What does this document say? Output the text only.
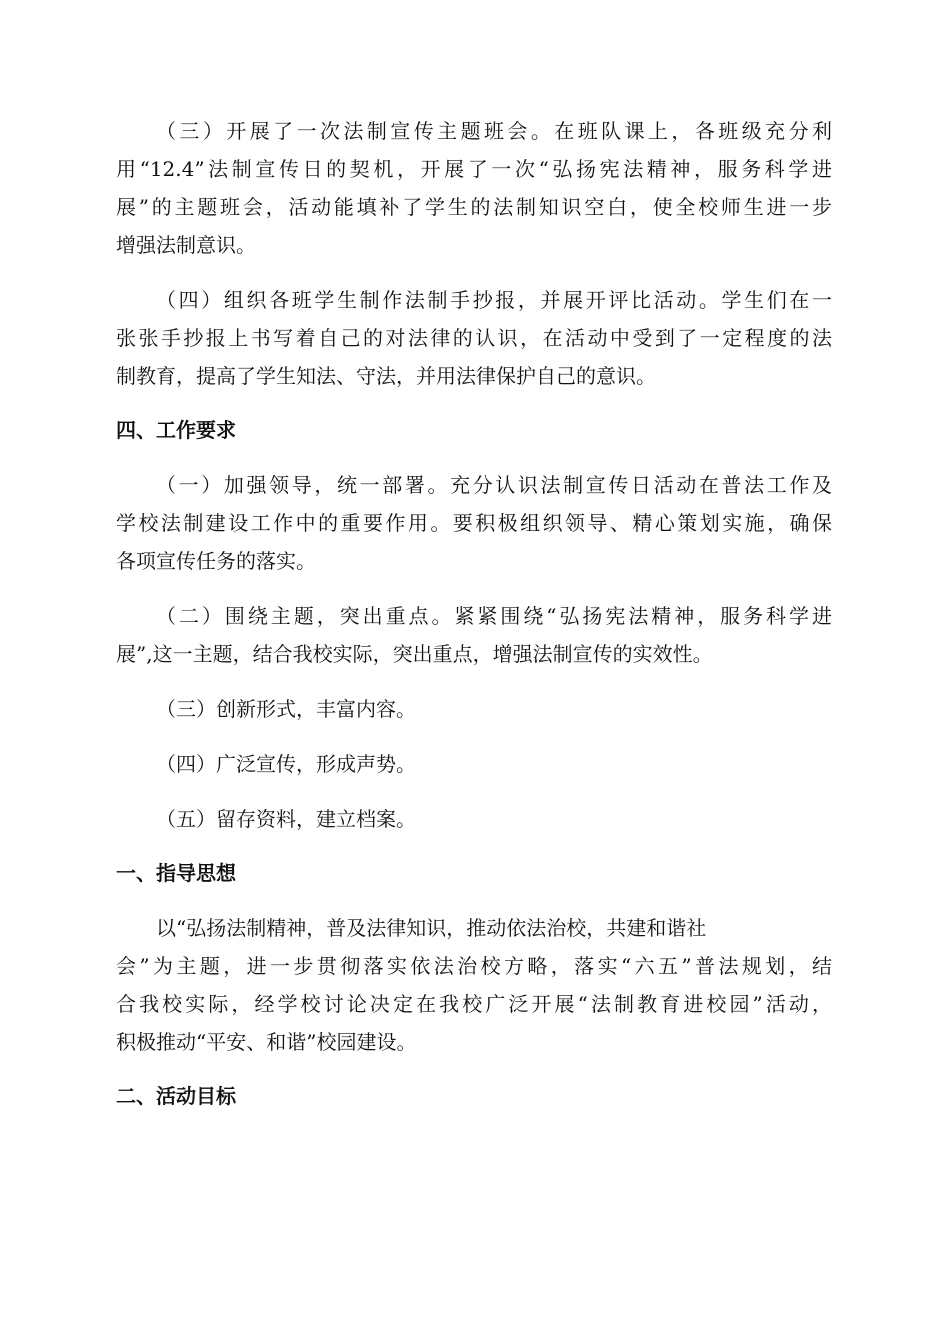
（三）开展了一次法制宣传主题班会。在班队课上，各班级充分利
用“12.4”法制宣传日的契机，开展了一次“弘扬宪法精神，服务科学进
展”的主题班会，活动能填补了学生的法制知识空白，使全校师生进一步
增强法制意识。

（四）组织各班学生制作法制手抄报，并展开评比活动。学生们在一
张张手抄报上书写着自己的对法律的认识，在活动中受到了一定程度的法
制教育，提高了学生知法、守法，并用法律保护自己的意识。

四、工作要求

（一）加强领导，统一部署。充分认识法制宣传日活动在普法工作及
学校法制建设工作中的重要作用。要积极组织领导、精心策划实施，确保
各项宣传任务的落实。

（二）围绕主题，突出重点。紧紧围绕“弘扬宪法精神，服务科学进
展”,这一主题，结合我校实际，突出重点，增强法制宣传的实效性。

（三）创新形式，丰富内容。

（四）广泛宣传，形成声势。

（五）留存资料，建立档案。

一、指导思想

以“弘扬法制精神，普及法律知识，推动依法治校，共建和谐社
会”为主题，进一步贯彻落实依法治校方略，落实“六五”普法规划，结
合我校实际，经学校讨论决定在我校广泛开展“法制教育进校园”活动，
积极推动“平安、和谐”校园建设。

二、活动目标
